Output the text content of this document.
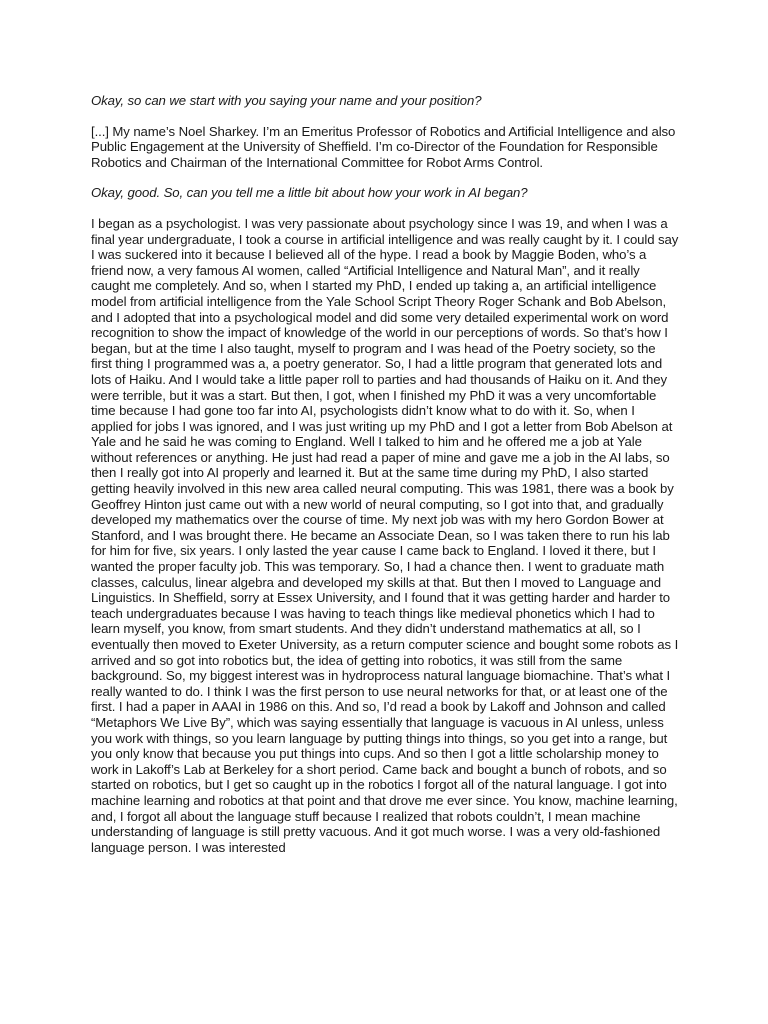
Okay, so can we start with you saying your name and your position?

[...] My name’s Noel Sharkey. I’m an Emeritus Professor of Robotics and Artificial Intelligence and also Public Engagement at the University of Sheffield. I’m co-Director of the Foundation for Responsible Robotics and Chairman of the International Committee for Robot Arms Control.

Okay, good. So, can you tell me a little bit about how your work in AI began?

I began as a psychologist. I was very passionate about psychology since I was 19, and when I was a final year undergraduate, I took a course in artificial intelligence and was really caught by it. I could say I was suckered into it because I believed all of the hype. I read a book by Maggie Boden, who’s a friend now, a very famous AI women, called “Artificial Intelligence and Natural Man”, and it really caught me completely. And so, when I started my PhD, I ended up taking a, an artificial intelligence model from artificial intelligence from the Yale School Script Theory Roger Schank and Bob Abelson, and I adopted that into a psychological model and did some very detailed experimental work on word recognition to show the impact of knowledge of the world in our perceptions of words. So that’s how I began, but at the time I also taught, myself to program and I was head of the Poetry society, so the first thing I programmed was a, a poetry generator. So, I had a little program that generated lots and lots of Haiku. And I would take a little paper roll to parties and had thousands of Haiku on it. And they were terrible, but it was a start. But then, I got, when I finished my PhD it was a very uncomfortable time because I had gone too far into AI, psychologists didn’t know what to do with it. So, when I applied for jobs I was ignored, and I was just writing up my PhD and I got a letter from Bob Abelson at Yale and he said he was coming to England. Well I talked to him and he offered me a job at Yale without references or anything. He just had read a paper of mine and gave me a job in the AI labs, so then I really got into AI properly and learned it. But at the same time during my PhD, I also started getting heavily involved in this new area called neural computing. This was 1981, there was a book by Geoffrey Hinton just came out with a new world of neural computing, so I got into that, and gradually developed my mathematics over the course of time. My next job was with my hero Gordon Bower at Stanford, and I was brought there. He became an Associate Dean, so I was taken there to run his lab for him for five, six years. I only lasted the year cause I came back to England. I loved it there, but I wanted the proper faculty job. This was temporary. So, I had a chance then. I went to graduate math classes, calculus, linear algebra and developed my skills at that. But then I moved to Language and Linguistics. In Sheffield, sorry at Essex University, and I found that it was getting harder and harder to teach undergraduates because I was having to teach things like medieval phonetics which I had to learn myself, you know, from smart students. And they didn’t understand mathematics at all, so I eventually then moved to Exeter University, as a return computer science and bought some robots as I arrived and so got into robotics but, the idea of getting into robotics, it was still from the same background. So, my biggest interest was in hydroprocess natural language biomachine. That’s what I really wanted to do. I think I was the first person to use neural networks for that, or at least one of the first. I had a paper in AAAI in 1986 on this. And so, I’d read a book by Lakoff and Johnson and called “Metaphors We Live By”, which was saying essentially that language is vacuous in AI unless, unless you work with things, so you learn language by putting things into things, so you get into a range, but you only know that because you put things into cups. And so then I got a little scholarship money to work in Lakoff’s Lab at Berkeley for a short period. Came back and bought a bunch of robots, and so started on robotics, but I get so caught up in the robotics I forgot all of the natural language. I got into machine learning and robotics at that point and that drove me ever since. You know, machine learning, and, I forgot all about the language stuff because I realized that robots couldn’t, I mean machine understanding of language is still pretty vacuous. And it got much worse. I was a very old-fashioned language person. I was interested
